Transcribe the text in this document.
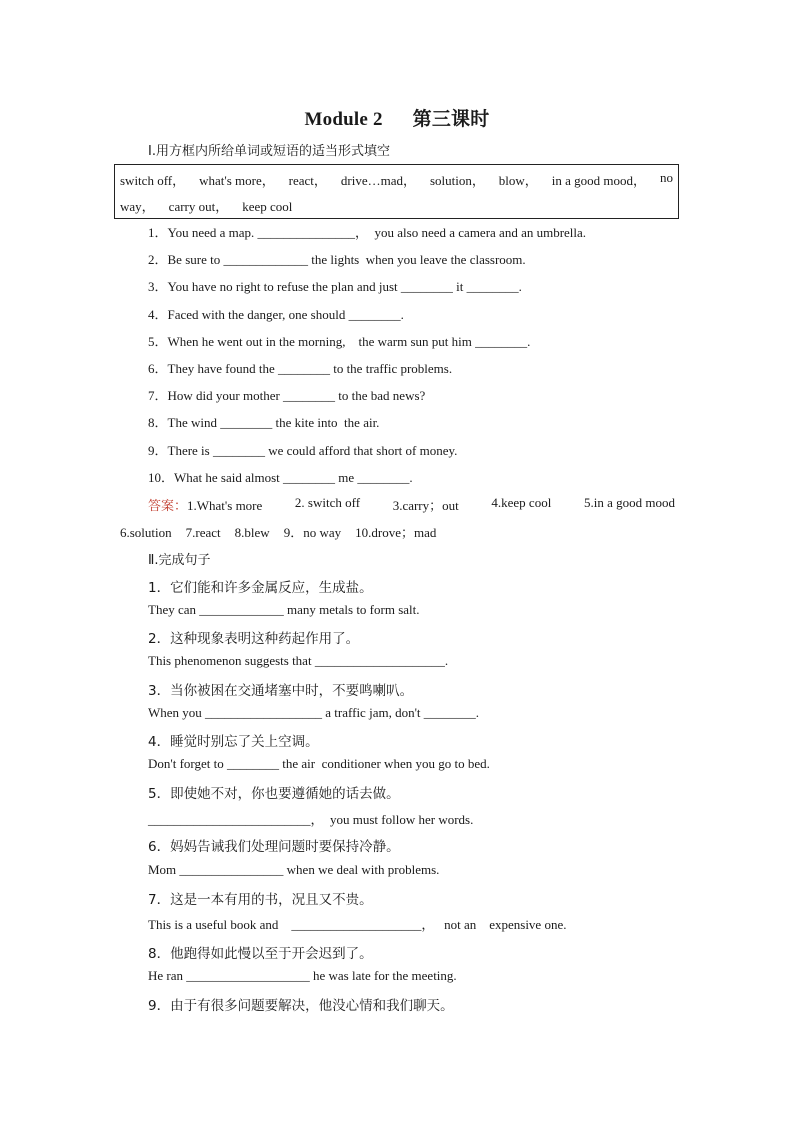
Module 2 第三课时
Ⅰ.用方框内所给单词或短语的适当形式填空
switch off， what's more， react， drive…mad， solution， blow， in a good mood， no
way， carry out， keep cool
1．You need a map. _______________，  you also need a camera and an umbrella.
2．Be sure to _____________ the lights  when you leave the classroom.
3．You have no right to refuse the plan and just ________ it ________.
4．Faced with the danger, one should ________.
5．When he went out in the morning,    the warm sun put him ________.
6．They have found the ________ to the traffic problems.
7．How did your mother ________ to the bad news?
8．The wind ________ the kite into  the air.
9．There is ________ we could afford that short of money.
10．What he said almost ________ me ________.
答案：1.What's more	2. switch off	3.carry；out	4.keep cool	5.in a good mood
6.solution 7.react 8.blew 9．no way 10.drove；mad
Ⅱ.完成句子
1．它们能和许多金属反应，生成盐。
They can _____________ many metals to form salt.
2．这种现象表明这种药起作用了。
This phenomenon suggests that ____________________.
3．当你被困在交通堵塞中时，不要鸣喇叭。
When you __________________ a traffic jam, don't ________.
4．睡觉时别忘了关上空调。
Don't forget to ________ the air  conditioner when you go to bed.
5．即使她不对，你也要遵循她的话去做。
_________________________，  you must follow her words.
6．妈妈告诫我们处理问题时要保持冷静。
Mom ________________ when we deal with problems.
7．这是一本有用的书，况且又不贵。
This is a useful book and    ____________________，   not an    expensive one.
8．他跑得如此慢以至于开会迟到了。
He ran ___________________ he was late for the meeting.
9．由于有很多问题要解决，他没心情和我们聊天。
